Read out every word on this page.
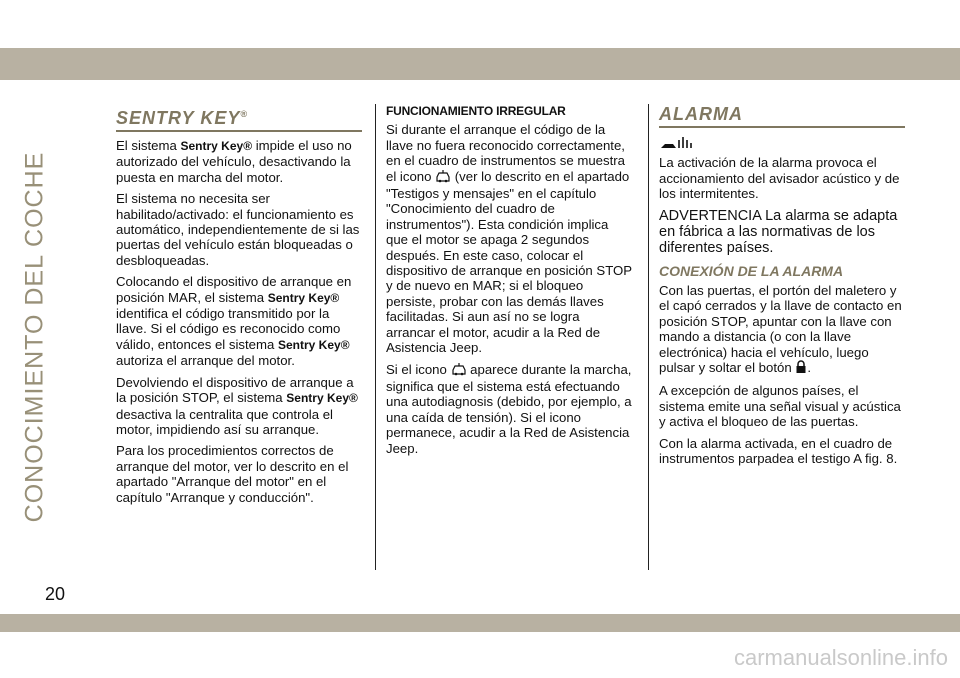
CONOCIMIENTO DEL COCHE
SENTRY KEY®

El sistema Sentry Key® impide el uso no autorizado del vehículo, desactivando la puesta en marcha del motor.

El sistema no necesita ser habilitado/activado: el funcionamiento es automático, independientemente de si las puertas del vehículo están bloqueadas o desbloqueadas.

Colocando el dispositivo de arranque en posición MAR, el sistema Sentry Key® identifica el código transmitido por la llave. Si el código es reconocido como válido, entonces el sistema Sentry Key® autoriza el arranque del motor.

Devolviendo el dispositivo de arranque a la posición STOP, el sistema Sentry Key® desactiva la centralita que controla el motor, impidiendo así su arranque.

Para los procedimientos correctos de arranque del motor, ver lo descrito en el apartado "Arranque del motor" en el capítulo "Arranque y conducción".

FUNCIONAMIENTO IRREGULAR

Si durante el arranque el código de la llave no fuera reconocido correctamente, en el cuadro de instrumentos se muestra el icono  (ver lo descrito en el apartado "Testigos y mensajes" en el capítulo "Conocimiento del cuadro de instrumentos"). Esta condición implica que el motor se apaga 2 segundos después. En este caso, colocar el dispositivo de arranque en posición STOP y de nuevo en MAR; si el bloqueo persiste, probar con las demás llaves facilitadas. Si aun así no se logra arrancar el motor, acudir a la Red de Asistencia Jeep.

Si el icono  aparece durante la marcha, significa que el sistema está efectuando una autodiagnosis (debido, por ejemplo, a una caída de tensión). Si el icono permanece, acudir a la Red de Asistencia Jeep.

ALARMA

La activación de la alarma provoca el accionamiento del avisador acústico y de los intermitentes.

ADVERTENCIA La alarma se adapta en fábrica a las normativas de los diferentes países.

CONEXIÓN DE LA ALARMA

Con las puertas, el portón del maletero y el capó cerrados y la llave de contacto en posición STOP, apuntar con la llave con mando a distancia (o con la llave electrónica) hacia el vehículo, luego pulsar y soltar el botón .

A excepción de algunos países, el sistema emite una señal visual y acústica y activa el bloqueo de las puertas.

Con la alarma activada, en el cuadro de instrumentos parpadea el testigo A fig. 8.

20
carmanualsonline.info
